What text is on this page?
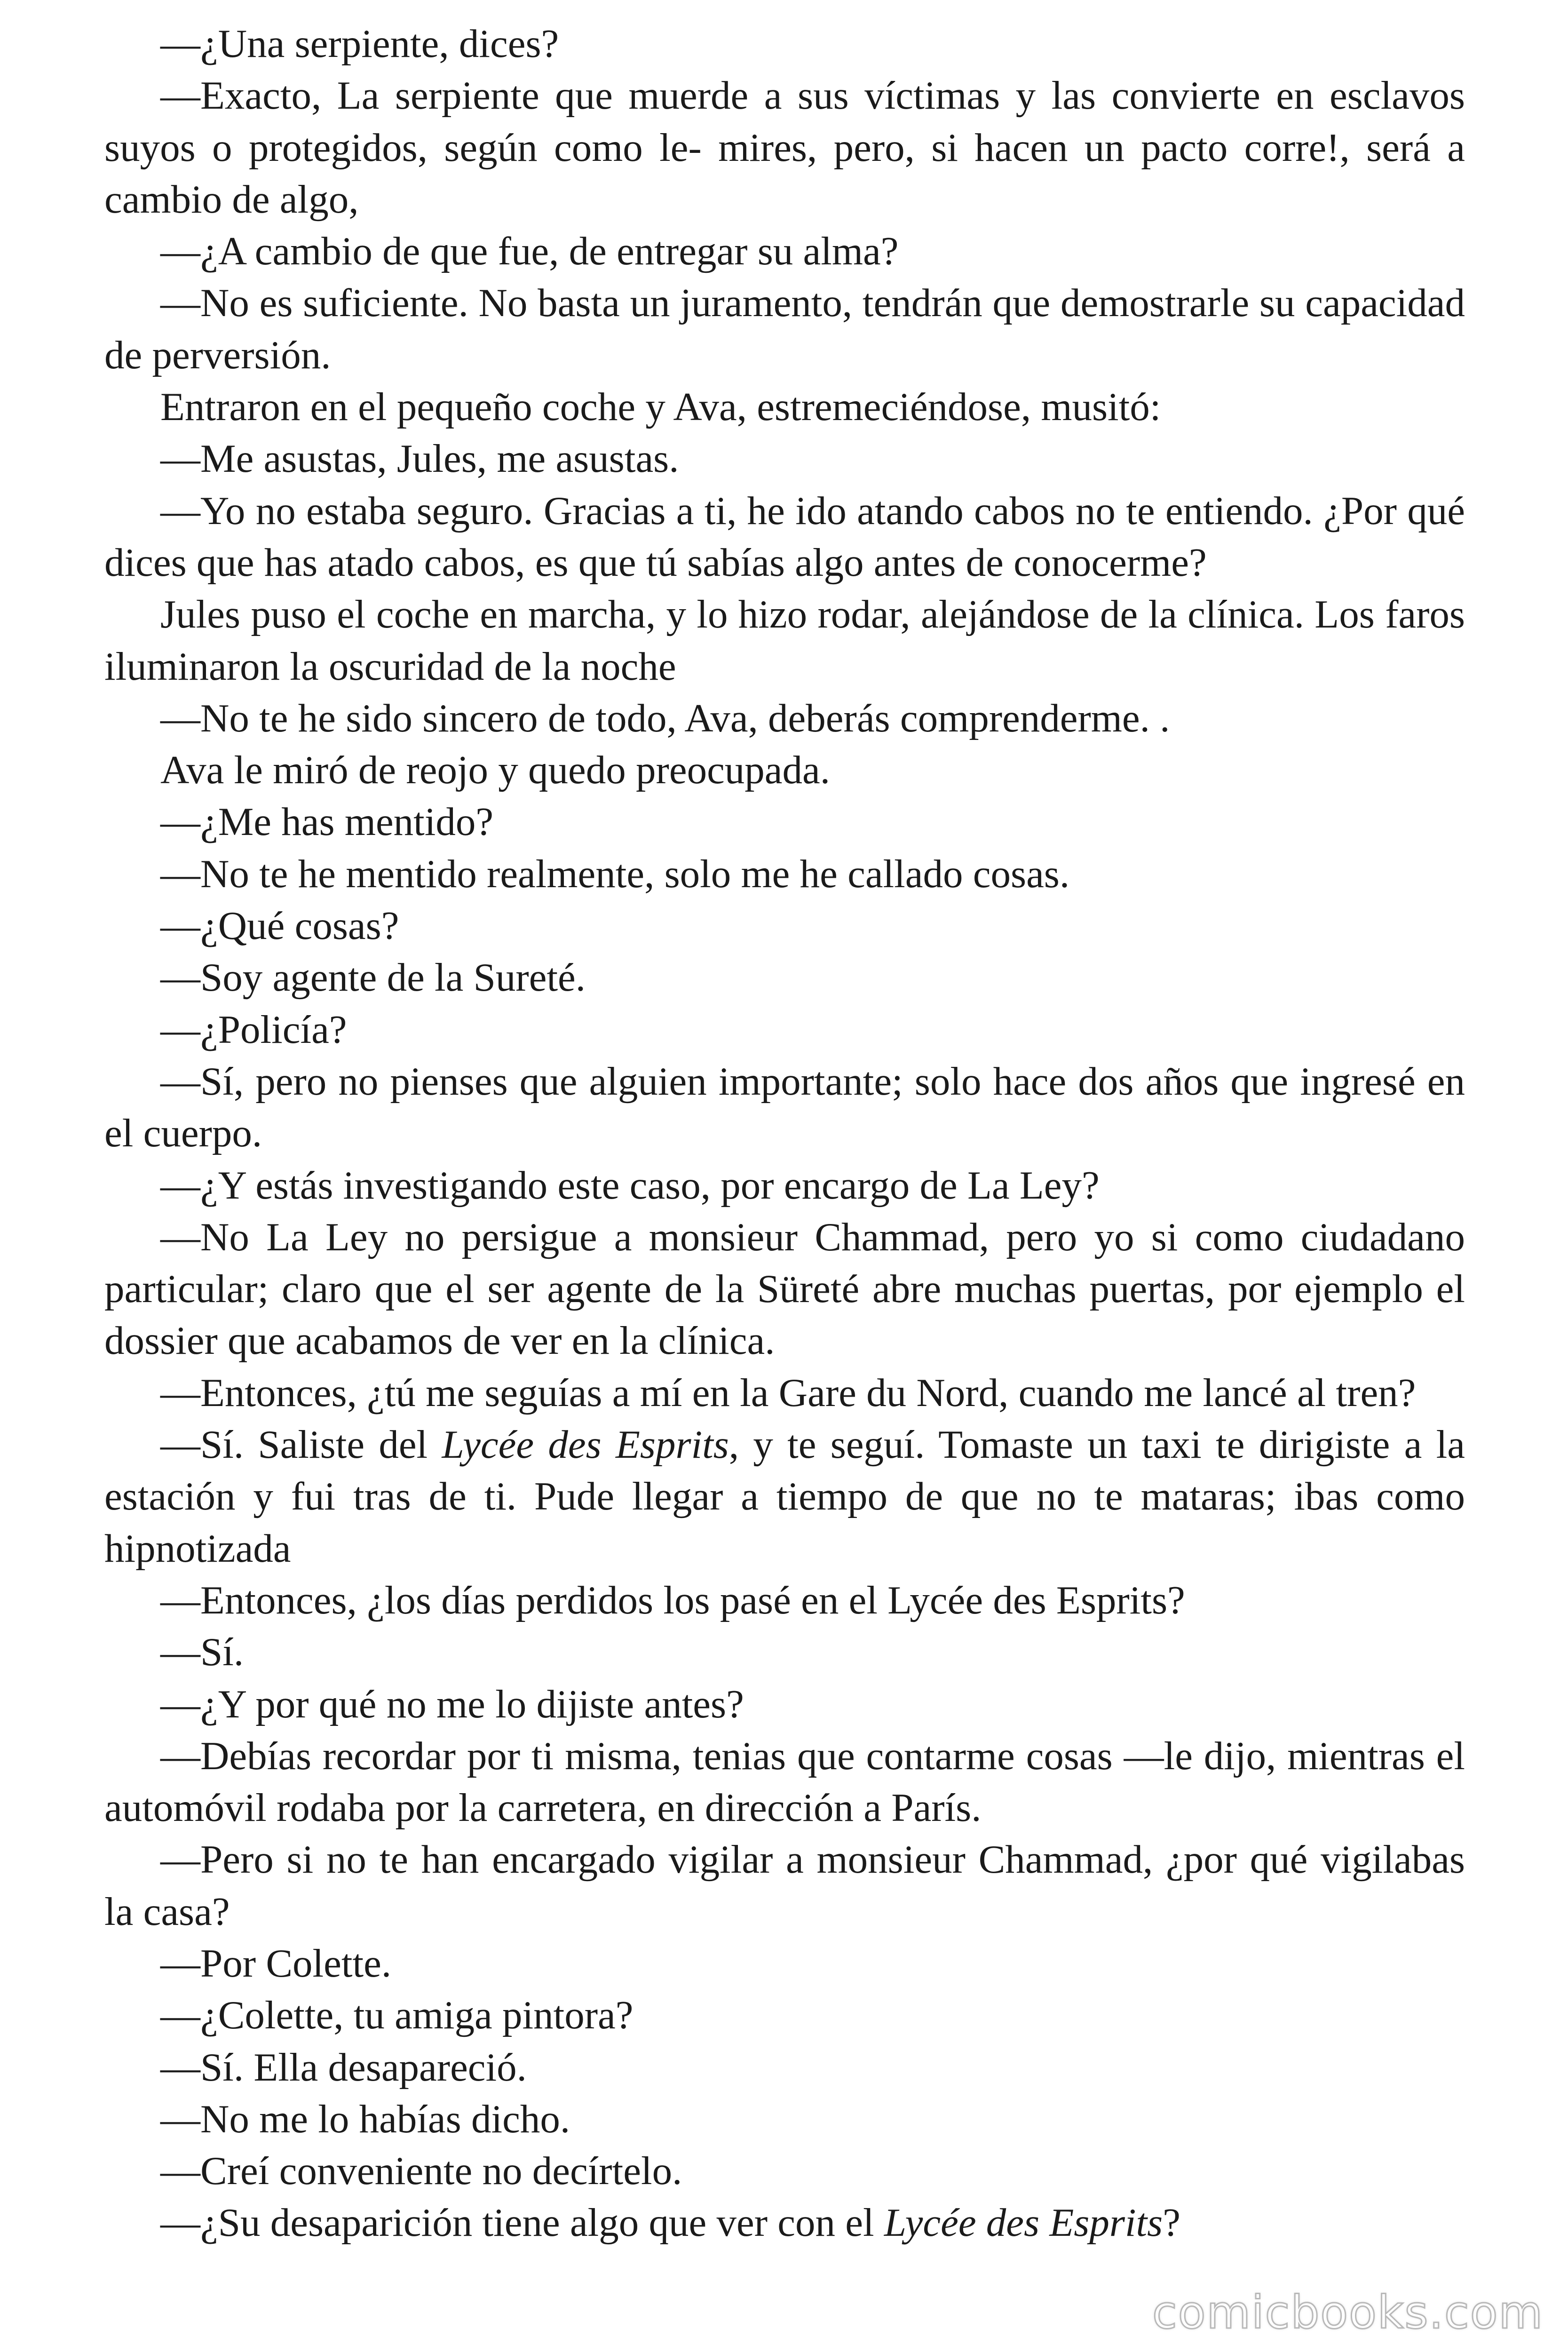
—¿Una serpiente, dices?

—Exacto, La serpiente que muerde a sus víctimas y las convierte en esclavos suyos o protegidos, según como le- mires, pero, si hacen un pacto corre!, será a cambio de algo,

—¿A cambio de que fue, de entregar su alma?

—No es suficiente. No basta un juramento, tendrán que demostrarle su capacidad de perversión.

Entraron en el pequeño coche y Ava, estremeciéndose, musitó:

—Me asustas, Jules, me asustas.

—Yo no estaba seguro. Gracias a ti, he ido atando cabos no te entiendo. ¿Por qué dices que has atado cabos, es que tú sabías algo antes de conocerme?

Jules puso el coche en marcha, y lo hizo rodar, alejándose de la clínica. Los faros iluminaron la oscuridad de la noche

—No te he sido sincero de todo, Ava, deberás comprenderme. .

Ava le miró de reojo y quedo preocupada.

—¿Me has mentido?

—No te he mentido realmente, solo me he callado cosas.

—¿Qué cosas?

—Soy agente de la Sureté.

—¿Policía?

—Sí, pero no pienses que alguien importante; solo hace dos años que ingresé en el cuerpo.

—¿Y estás investigando este caso, por encargo de La Ley?

—No La Ley no persigue a monsieur Chammad, pero yo si como ciudadano particular; claro que el ser agente de la Süreté abre muchas puertas, por ejemplo el dossier que acabamos de ver en la clínica.

—Entonces, ¿tú me seguías a mí en la Gare du Nord, cuando me lancé al tren?

—Sí. Saliste del Lycée des Esprits, y te seguí. Tomaste un taxi te dirigiste a la estación y fui tras de ti. Pude llegar a tiempo de que no te mataras; ibas como hipnotizada

—Entonces, ¿los días perdidos los pasé en el Lycée des Esprits?

—Sí.

—¿Y por qué no me lo dijiste antes?

—Debías recordar por ti misma, tenias que contarme cosas —le dijo, mientras el automóvil rodaba por la carretera, en dirección a París.

—Pero si no te han encargado vigilar a monsieur Chammad, ¿por qué vigilabas la casa?

—Por Colette.

—¿Colette, tu amiga pintora?

—Sí. Ella desapareció.

—No me lo habías dicho.

—Creí conveniente no decírtelo.

—¿Su desaparición tiene algo que ver con el Lycée des Esprits?

comicbooks.com
